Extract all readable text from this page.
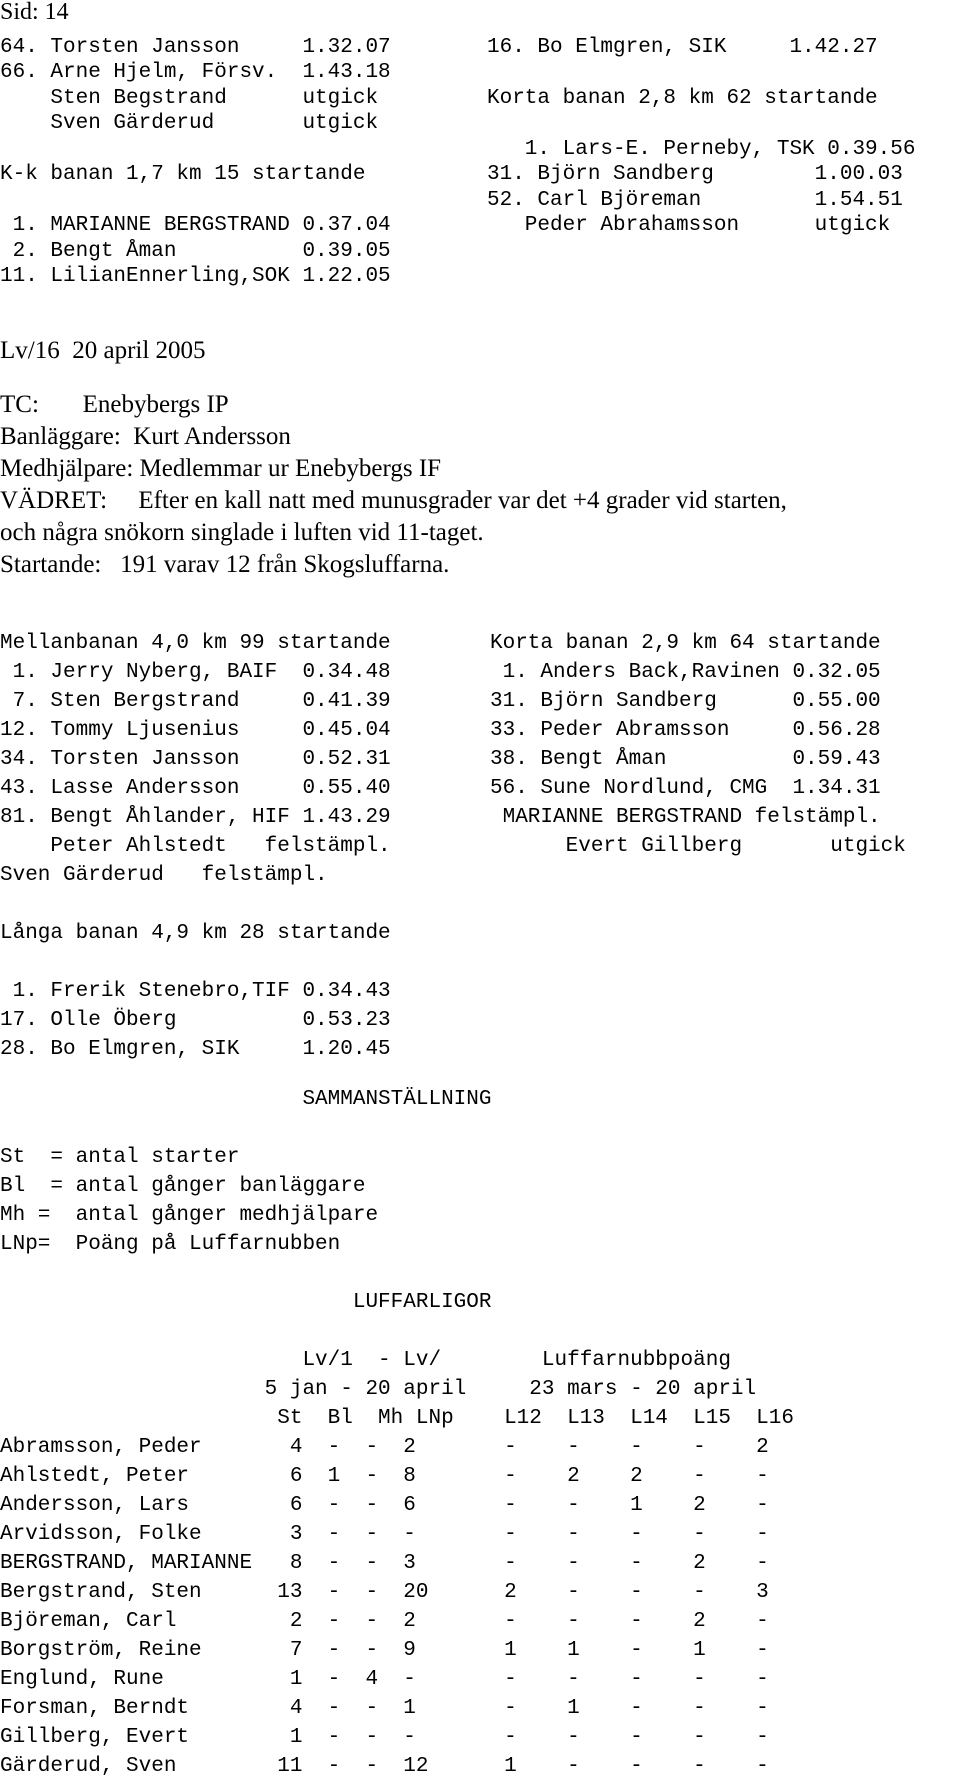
Sid: 14
64. Torsten Jansson     1.32.07
66. Arne Hjelm, Försv.  1.43.18
Sten Begstrand      utgick
Sven Gärderud       utgick
K-k banan 1,7 km 15 startande
1. MARIANNE BERGSTRAND 0.37.04
2. Bengt Åman          0.39.05
11. LilianEnnerling,SOK 1.22.05
16. Bo Elmgren, SIK     1.42.27
Korta banan 2,8 km 62 startande
1. Lars-E. Perneby, TSK 0.39.56
31. Björn Sandberg        1.00.03
52. Carl Björeman         1.54.51
Peder Abrahamsson      utgick
Lv/16  20 april 2005
TC:       Enebybergs IP
Banläggare:  Kurt Andersson
Medhjälpare: Medlemmar ur Enebybergs IF
VÄDRET:     Efter en kall natt med munusgrader var det +4 grader vid starten,
och några snökorn singlade i luften vid 11-taget.
Startande:   191 varav 12 från Skogsluffarna.
Mellanbanan 4,0 km 99 startande
1. Jerry Nyberg, BAIF  0.34.48
7. Sten Bergstrand     0.41.39
12. Tommy Ljusenius     0.45.04
34. Torsten Jansson     0.52.31
43. Lasse Andersson     0.55.40
81. Bengt Åhlander, HIF 1.43.29
Peter Ahlstedt   felstämpl.
Sven Gärderud   felstämpl.
Långa banan 4,9 km 28 startande
1. Frerik Stenebro,TIF 0.34.43
17. Olle Öberg          0.53.23
28. Bo Elmgren, SIK     1.20.45
Korta banan 2,9 km 64 startande
1. Anders Back,Ravinen 0.32.05
31. Björn Sandberg      0.55.00
33. Peder Abramsson     0.56.28
38. Bengt Åman          0.59.43
56. Sune Nordlund, CMG  1.34.31
MARIANNE BERGSTRAND felstämpl.
Evert Gillberg       utgick
SAMMANSTÄLLNING
St  = antal starter
Bl  = antal gånger banläggare
Mh =  antal gånger medhjälpare
LNp=  Poäng på Luffarnubben
LUFFARLIGOR
Lv/1  - Lv/        Luffarnubbpoäng
5 jan - 20 april     23 mars - 20 april
St  Bl  Mh LNp    L12  L13  L14  L15  L16
Abramsson, Peder       4  -  -  2       -    -    -    -    2
Ahlstedt, Peter        6  1  -  8       -    2    2    -    -
Andersson, Lars        6  -  -  6       -    -    1    2    -
Arvidsson, Folke       3  -  -  -       -    -    -    -    -
BERGSTRAND, MARIANNE   8  -  -  3       -    -    -    2    -
Bergstrand, Sten      13  -  -  20      2    -    -    -    3
Björeman, Carl         2  -  -  2       -    -    -    2    -
Borgström, Reine       7  -  -  9       1    1    -    1    -
Englund, Rune          1  -  4  -       -    -    -    -    -
Forsman, Berndt        4  -  -  1       -    1    -    -    -
Gillberg, Evert        1  -  -  -       -    -    -    -    -
Gärderud, Sven        11  -  -  12      1    -    -    -    -
